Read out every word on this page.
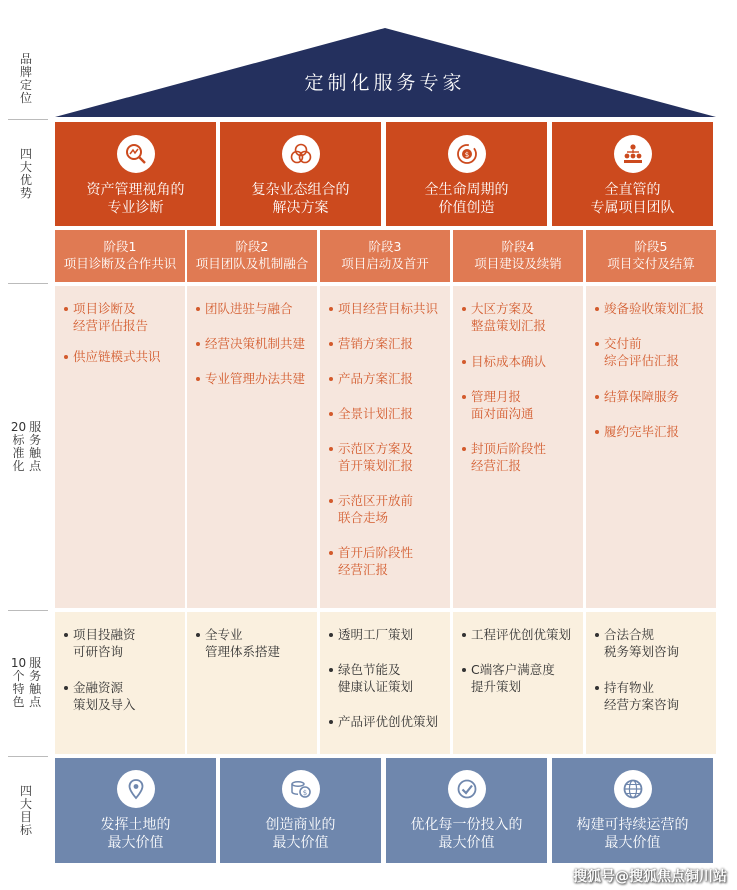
品
牌
定
位
四
大
优
势
20
标
准
化
服
务
触
点
10
个
特
色
服
务
触
点
四
大
目
标
定制化服务专家
资产管理视角的
专业诊断
复杂业态组合的
解决方案
$
全生命周期的
价值创造
全直管的
专属项目团队
阶段1
项目诊断及合作共识
阶段2
项目团队及机制融合
阶段3
项目启动及首开
阶段4
项目建设及续销
阶段5
项目交付及结算
项目诊断及
经营评估报告
供应链模式共识
团队进驻与融合
经营决策机制共建
专业管理办法共建
项目经营目标共识
营销方案汇报
产品方案汇报
全景计划汇报
示范区方案及
首开策划汇报
示范区开放前
联合走场
首开后阶段性
经营汇报
大区方案及
整盘策划汇报
目标成本确认
管理月报
面对面沟通
封顶后阶段性
经营汇报
竣备验收策划汇报
交付前
综合评估汇报
结算保障服务
履约完毕汇报
项目投融资
可研咨询
金融资源
策划及导入
全专业
管理体系搭建
透明工厂策划
绿色节能及
健康认证策划
产品评优创优策划
工程评优创优策划
C端客户满意度
提升策划
合法合规
税务筹划咨询
持有物业
经营方案咨询
发挥土地的
最大价值
$
创造商业的
最大价值
优化每一份投入的
最大价值
构建可持续运营的
最大价值
搜狐号@搜狐焦点铜川站
